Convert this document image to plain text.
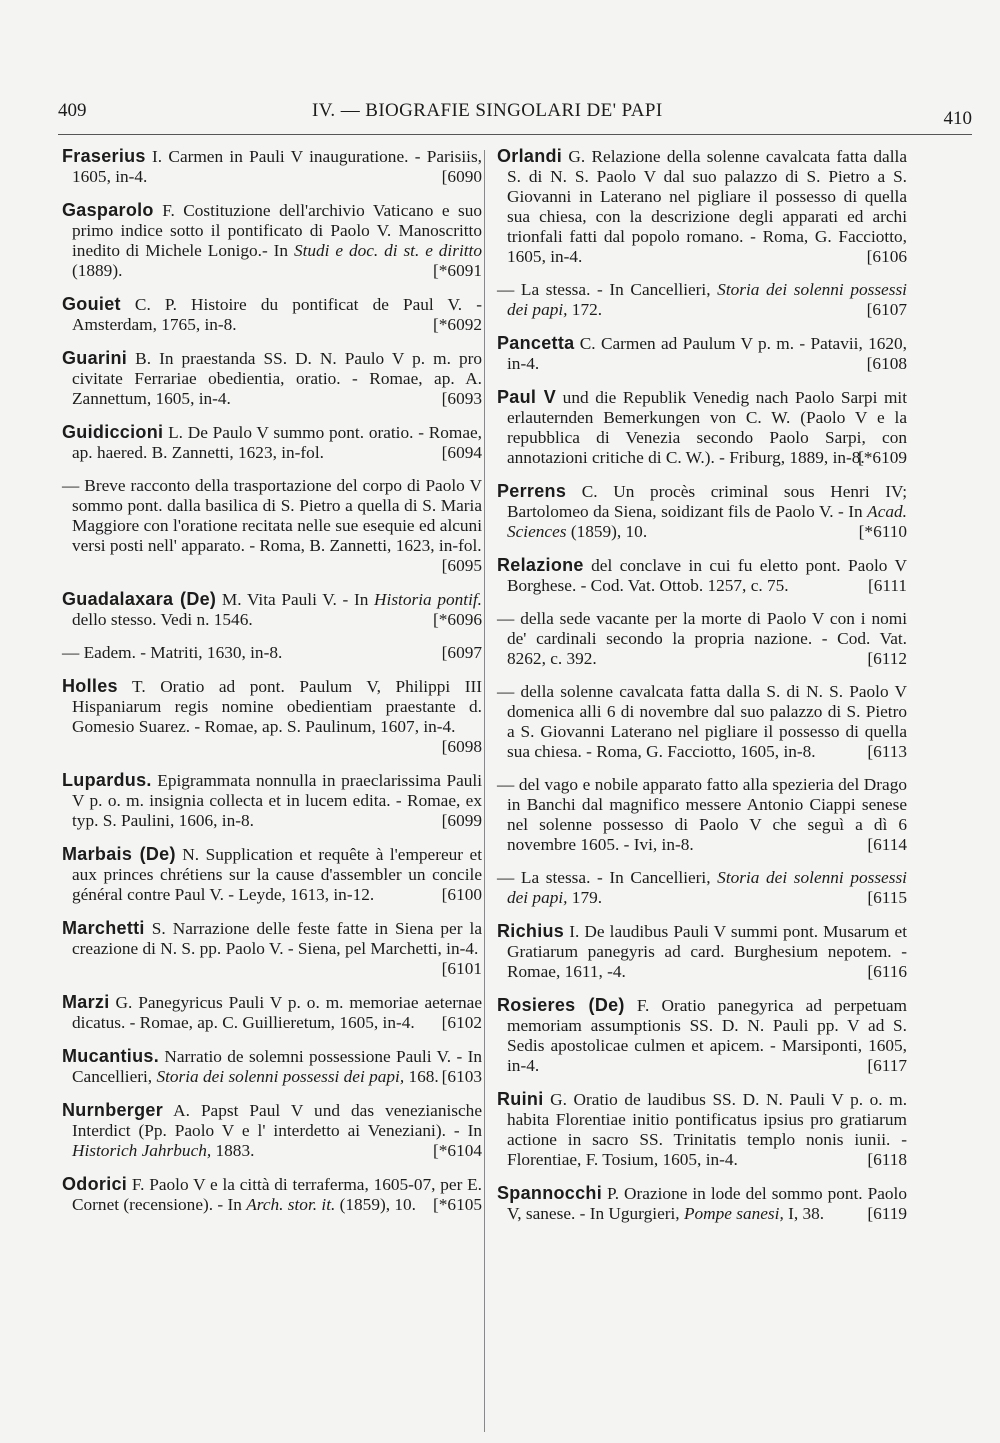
409	IV. — BIOGRAFIE SINGOLARI DE' PAPI	410
Fraserius I. Carmen in Pauli V inauguratione. - Parisiis, 1605, in-4.	[6090
Gasparolo F. Costituzione dell'archivio Vaticano e suo primo indice sotto il pontificato di Paolo V. Manoscritto inedito di Michele Lonigo.- In Studi e doc. di st. e diritto (1889).	[*6091
Gouiet C. P. Histoire du pontificat de Paul V. - Amsterdam, 1765, in-8.	[*6092
Guarini B. In praestanda SS. D. N. Paulo V p. m. pro civitate Ferrariae obedientia, oratio. - Romae, ap. A. Zannettum, 1605, in-4.	[6093
Guidiccioni L. De Paulo V summo pont. oratio. - Romae, ap. haered. B. Zannetti, 1623, in-fol.	[6094
— Breve racconto della trasportazione del corpo di Paolo V sommo pont. dalla basilica di S. Pietro a quella di S. Maria Maggiore con l'oratione recitata nelle sue esequie ed alcuni versi posti nell' apparato. - Roma, B. Zannetti, 1623, in-fol.
[6095
Guadalaxara (De) M. Vita Pauli V. - In Historia pontif. dello stesso. Vedi n. 1546.	[*6096
— Eadem. - Matriti, 1630, in-8.	[6097
Holles T. Oratio ad pont. Paulum V, Philippi III Hispaniarum regis nomine obedientiam praestante d. Gomesio Suarez. - Romae, ap. S. Paulinum, 1607, in-4.
[6098
Lupardus. Epigrammata nonnulla in praeclarissima Pauli V p. o. m. insignia collecta et in lucem edita. - Romae, ex typ. S. Paulini, 1606, in-8.	[6099
Marbais (De) N. Supplication et requête à l'empereur et aux princes chrétiens sur la cause d'assembler un concile général contre Paul V. - Leyde, 1613, in-12.	[6100
Marchetti S. Narrazione delle feste fatte in Siena per la creazione di N. S. pp. Paolo V. - Siena, pel Marchetti, in-4.
[6101
Marzi G. Panegyricus Pauli V p. o. m. memoriae aeternae dicatus. - Romae, ap. C. Guillieretum, 1605, in-4. [6102
Mucantius. Narratio de solemni possessione Pauli V. - In Cancellieri, Storia dei solenni possessi dei papi, 168. [6103
Nurnberger A. Papst Paul V und das venezianische Interdict (Pp. Paolo V e l' interdetto ai Veneziani). - In Historich Jahrbuch, 1883.	[*6104
Odorici F. Paolo V e la città di terraferma, 1605-07, per E. Cornet (recensione). - In Arch. stor. it. (1859), 10. [*6105
Orlandi G. Relazione della solenne cavalcata fatta dalla S. di N. S. Paolo V dal suo palazzo di S. Pietro a S. Giovanni in Laterano nel pigliare il possesso di quella sua chiesa, con la descrizione degli apparati ed archi trionfali fatti dal popolo romano. - Roma, G. Facciotto, 1605, in-4.	[6106
— La stessa. - In Cancellieri, Storia dei solenni possessi dei papi, 172.	[6107
Pancetta C. Carmen ad Paulum V p. m. - Patavii, 1620, in-4.	[6108
Paul V und die Republik Venedig nach Paolo Sarpi mit erlauternden Bemerkungen von C. W. (Paolo V e la repubblica di Venezia secondo Paolo Sarpi, con annotazioni critiche di C. W.). - Friburg, 1889, in-8.
[*6109
Perrens C. Un procès criminal sous Henri IV; Bartolomeo da Siena, soidizant fils de Paolo V. - In Acad. Sciences (1859), 10.	[*6110
Relazione del conclave in cui fu eletto pont. Paolo V Borghese. - Cod. Vat. Ottob. 1257, c. 75.	[6111
— della sede vacante per la morte di Paolo V con i nomi de' cardinali secondo la propria nazione. - Cod. Vat. 8262, c. 392.	[6112
— della solenne cavalcata fatta dalla S. di N. S. Paolo V domenica alli 6 di novembre dal suo palazzo di S. Pietro a S. Giovanni Laterano nel pigliare il possesso di quella sua chiesa. - Roma, G. Facciotto, 1605, in-8.	[6113
— del vago e nobile apparato fatto alla spezieria del Drago in Banchi dal magnifico messere Antonio Ciappi senese nel solenne possesso di Paolo V che seguì a dì 6 novembre 1605. - Ivi, in-8.	[6114
— La stessa. - In Cancellieri, Storia dei solenni possessi dei papi, 179.	[6115
Richius I. De laudibus Pauli V summi pont. Musarum et Gratiarum panegyris ad card. Burghesium nepotem. - Romae, 1611, -4.	[6116
Rosieres (De) F. Oratio panegyrica ad perpetuam memoriam assumptionis SS. D. N. Pauli pp. V ad S. Sedis apostolicae culmen et apicem. - Marsiponti, 1605, in-4.	[6117
Ruini G. Oratio de laudibus SS. D. N. Pauli V p. o. m. habita Florentiae initio pontificatus ipsius pro gratiarum actione in sacro SS. Trinitatis templo nonis iunii. - Florentiae, F. Tosium, 1605, in-4.	[6118
Spannocchi P. Orazione in lode del sommo pont. Paolo V, sanese. - In Ugurgieri, Pompe sanesi, I, 38. [6119
